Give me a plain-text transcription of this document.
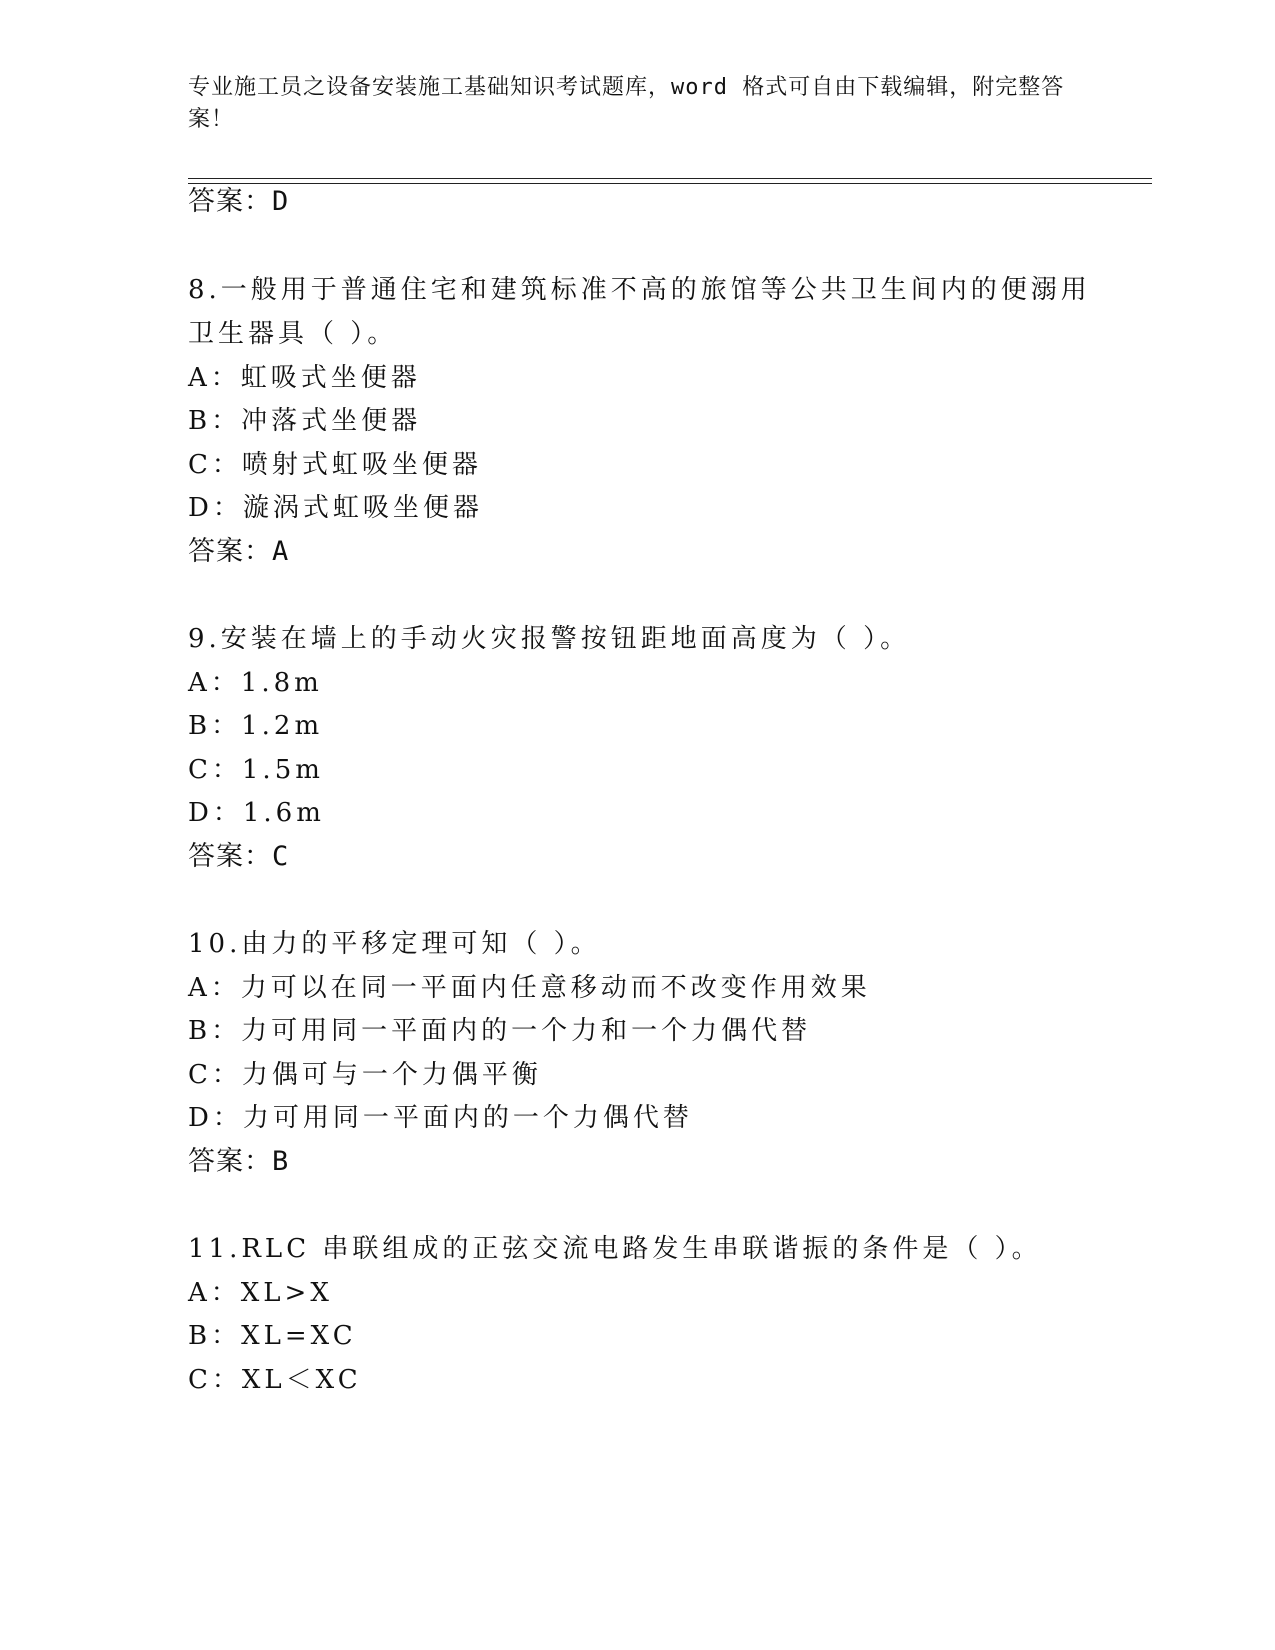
专业施工员之设备安装施工基础知识考试题库，word 格式可自由下载编辑，附完整答案！
答案：D
8.一般用于普通住宅和建筑标准不高的旅馆等公共卫生间内的便溺用
卫生器具（ ）。
A：虹吸式坐便器
B：冲落式坐便器
C：喷射式虹吸坐便器
D：漩涡式虹吸坐便器
答案：A
9.安装在墙上的手动火灾报警按钮距地面高度为（ ）。
A：1.8m
B：1.2m
C：1.5m
D：1.6m
答案：C
10.由力的平移定理可知（ ）。
A：力可以在同一平面内任意移动而不改变作用效果
B：力可用同一平面内的一个力和一个力偶代替
C：力偶可与一个力偶平衡
D：力可用同一平面内的一个力偶代替
答案：B
11.RLC 串联组成的正弦交流电路发生串联谐振的条件是（ ）。
A：XL>X
B：XL=XC
C：XL＜XC
